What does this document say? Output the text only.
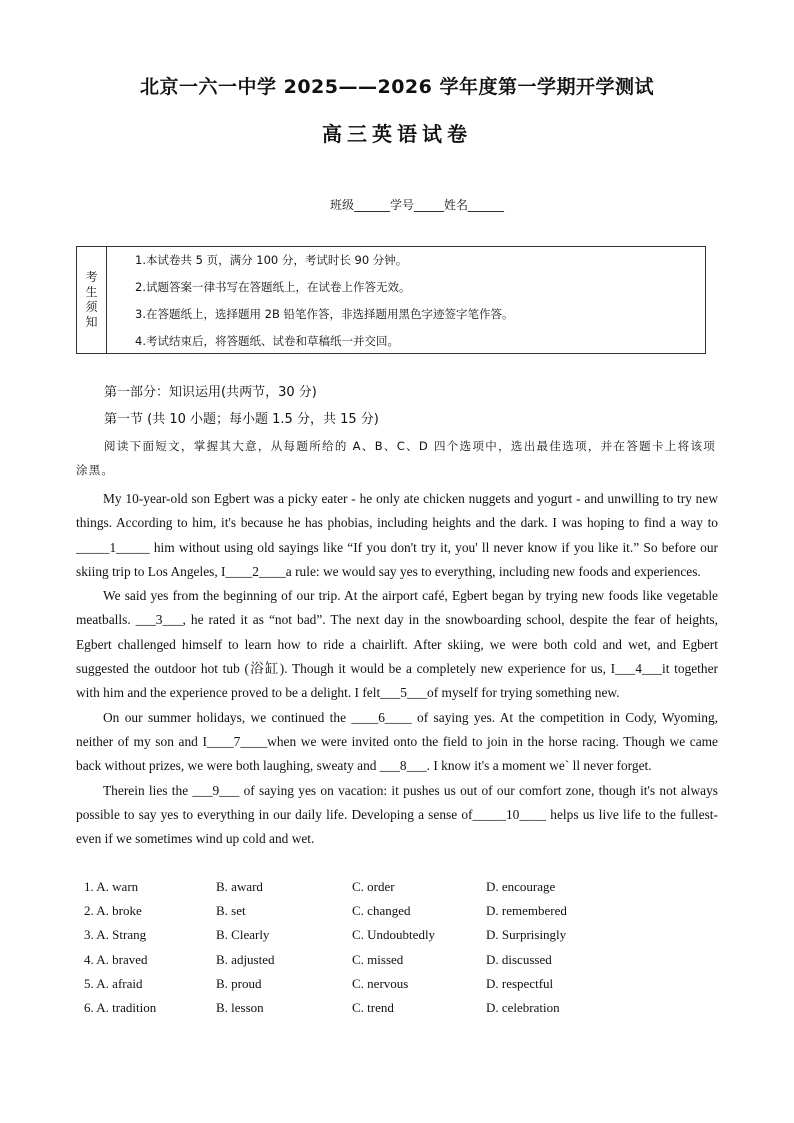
北京一六一中学 2025——2026 学年度第一学期开学测试
高三英语试卷
班级______学号_____姓名______
考
生
须
知
1.本试卷共 5 页，满分 100 分，考试时长 90 分钟。
2.试题答案一律书写在答题纸上，在试卷上作答无效。
3.在答题纸上，选择题用 2B 铅笔作答，非选择题用黑色字迹签字笔作答。
4.考试结束后，将答题纸、试卷和草稿纸一并交回。
第一部分：知识运用(共两节，30 分)
第一节 (共 10 小题；每小题 1.5 分，共 15 分)
阅读下面短文，掌握其大意，从每题所给的 A、B、C、D 四个选项中，选出最佳选项，并在答题卡上将该项涂黑。

My 10-year-old son Egbert was a picky eater - he only ate chicken nuggets and yogurt - and unwilling to try new things. According to him, it's because he has phobias, including heights and the dark. I was hoping to find a way to _____1_____ him without using old sayings like “If you don't try it, you' ll never know if you like it.” So before our skiing trip to Los Angeles, I____2____a rule: we would say yes to everything, including new foods and experiences.

We said yes from the beginning of our trip. At the airport café, Egbert began by trying new foods like vegetable meatballs. ___3___, he rated it as “not bad”. The next day in the snowboarding school, despite the fear of heights, Egbert challenged himself to learn how to ride a chairlift. After skiing, we were both cold and wet, and Egbert suggested the outdoor hot tub (浴缸). Though it would be a completely new experience for us, I___4___it together with him and the experience proved to be a delight. I felt___5___of myself for trying something new.

On our summer holidays, we continued the ____6____ of saying yes. At the competition in Cody, Wyoming, neither of my son and I____7____when we were invited onto the field to join in the horse racing. Though we came back without prizes, we were both laughing, sweaty and ___8___. I know it's a moment we` ll never forget.

Therein lies the ___9___ of saying yes on vacation: it pushes us out of our comfort zone, though it's not always possible to say yes to everything in our daily life. Developing a sense of_____10____ helps us live life to the fullest-even if we sometimes wind up cold and wet.

1. A. warn	B. award	C. order	D. encourage
2. A. broke	B. set	C. changed	D. remembered
3. A. Strang	B. Clearly	C. Undoubtedly	D. Surprisingly
4. A. braved	B. adjusted	C. missed	D. discussed
5. A. afraid	B. proud	C. nervous	D. respectful
6. A. tradition	B. lesson	C. trend	D. celebration
